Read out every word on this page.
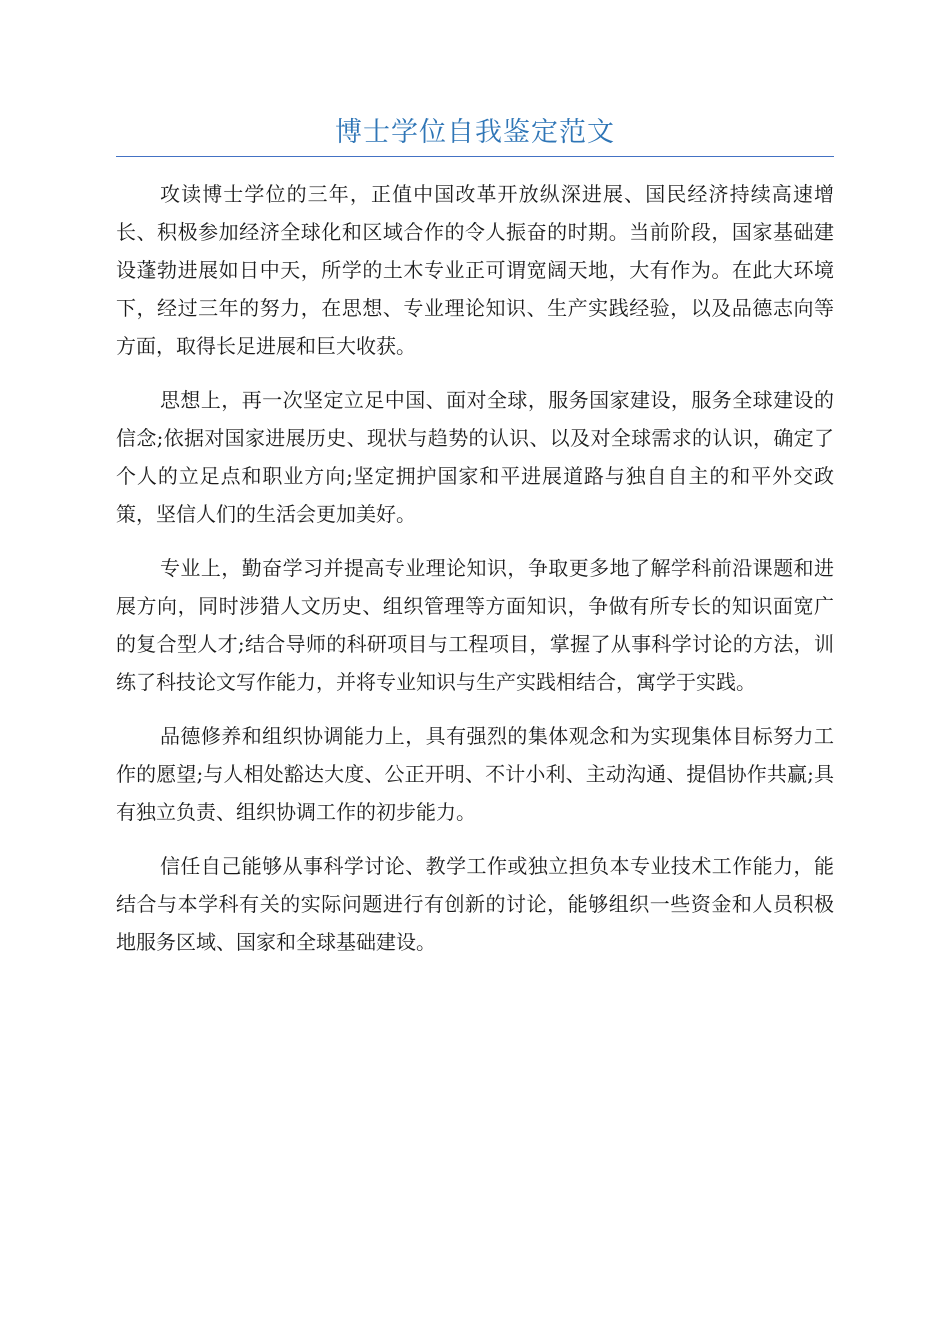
博士学位自我鉴定范文

攻读博士学位的三年，正值中国改革开放纵深进展、国民经济持续高速增长、积极参加经济全球化和区域合作的令人振奋的时期。当前阶段，国家基础建设蓬勃进展如日中天，所学的土木专业正可谓宽阔天地，大有作为。在此大环境下，经过三年的努力，在思想、专业理论知识、生产实践经验，以及品德志向等方面，取得长足进展和巨大收获。

思想上，再一次坚定立足中国、面对全球，服务国家建设，服务全球建设的信念;依据对国家进展历史、现状与趋势的认识、以及对全球需求的认识，确定了个人的立足点和职业方向;坚定拥护国家和平进展道路与独自自主的和平外交政策，坚信人们的生活会更加美好。

专业上，勤奋学习并提高专业理论知识，争取更多地了解学科前沿课题和进展方向，同时涉猎人文历史、组织管理等方面知识，争做有所专长的知识面宽广的复合型人才;结合导师的科研项目与工程项目，掌握了从事科学讨论的方法，训练了科技论文写作能力，并将专业知识与生产实践相结合，寓学于实践。

品德修养和组织协调能力上，具有强烈的集体观念和为实现集体目标努力工作的愿望;与人相处豁达大度、公正开明、不计小利、主动沟通、提倡协作共赢;具有独立负责、组织协调工作的初步能力。

信任自己能够从事科学讨论、教学工作或独立担负本专业技术工作能力，能结合与本学科有关的实际问题进行有创新的讨论，能够组织一些资金和人员积极地服务区域、国家和全球基础建设。
